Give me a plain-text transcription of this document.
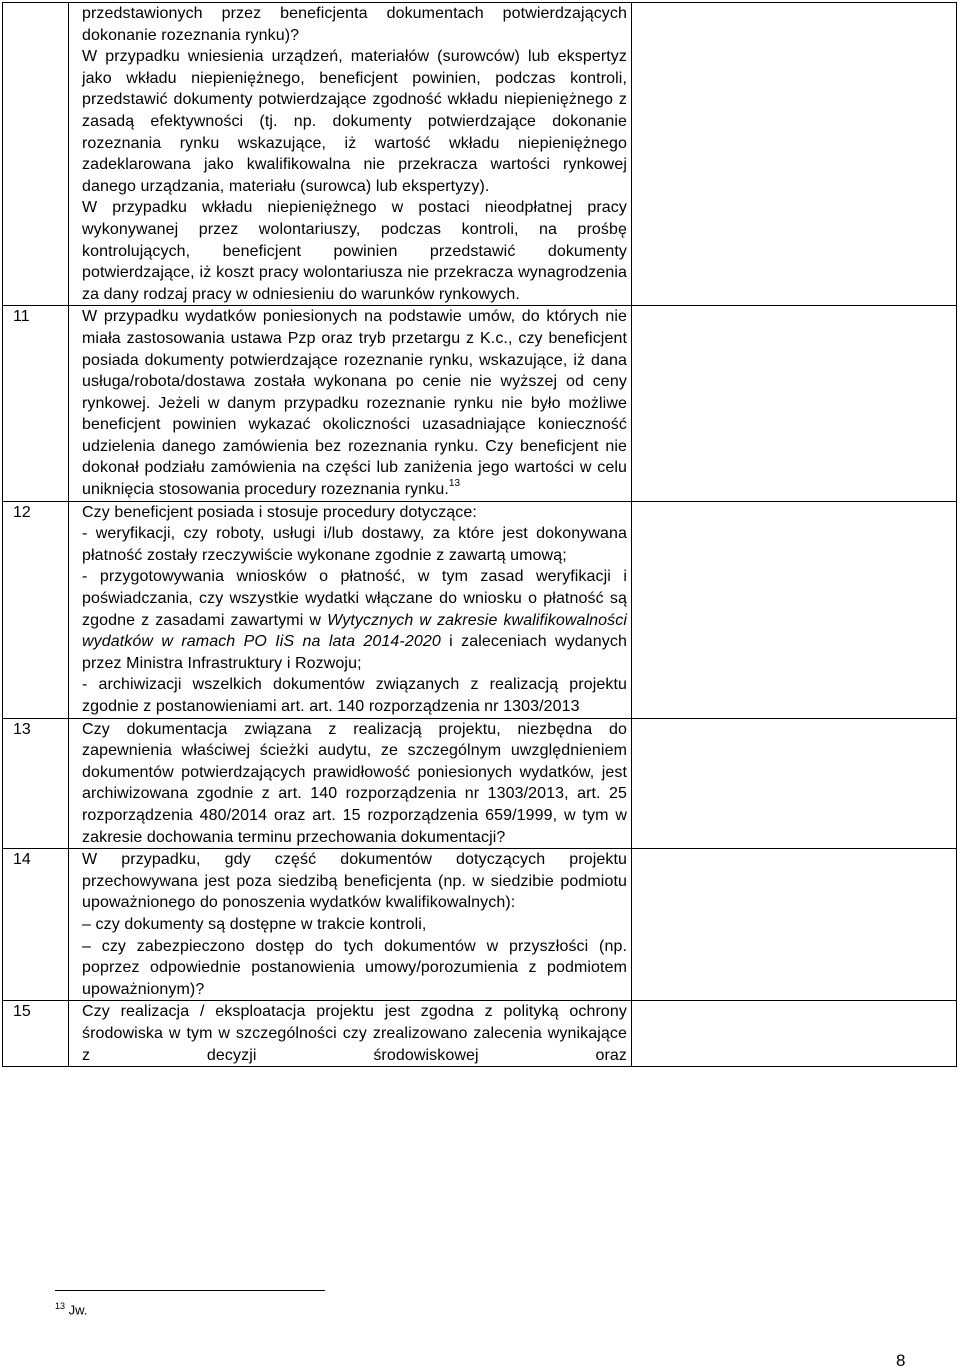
	przedstawionych przez beneficjenta dokumentach potwierdzających dokonanie rozeznania rynku)?

W przypadku wniesienia urządzeń, materiałów (surowców) lub ekspertyz jako wkładu niepieniężnego, beneficjent powinien, podczas kontroli, przedstawić dokumenty potwierdzające zgodność wkładu niepieniężnego z zasadą efektywności (tj. np. dokumenty potwierdzające dokonanie rozeznania rynku wskazujące, iż wartość wkładu niepieniężnego zadeklarowana jako kwalifikowalna nie przekracza wartości rynkowej danego urządzania, materiału (surowca) lub ekspertyzy).

W przypadku wkładu niepieniężnego w postaci nieodpłatnej pracy wykonywanej przez wolontariuszy, podczas kontroli, na prośbę kontrolujących, beneficjent powinien przedstawić dokumenty potwierdzające, iż koszt pracy wolontariusza nie przekracza wynagrodzenia za dany rodzaj pracy w odniesieniu do warunków rynkowych.	

11	W przypadku wydatków poniesionych na podstawie umów, do których nie miała zastosowania ustawa Pzp oraz tryb przetargu z K.c., czy beneficjent posiada dokumenty potwierdzające rozeznanie rynku, wskazujące, iż dana usługa/robota/dostawa została wykonana po cenie nie wyższej od ceny rynkowej. Jeżeli w danym przypadku rozeznanie rynku nie było możliwe beneficjent powinien wykazać okoliczności uzasadniające konieczność udzielenia danego zamówienia bez rozeznania rynku. Czy beneficjent nie dokonał podziału zamówienia na części lub zaniżenia jego wartości w celu uniknięcia stosowania procedury rozeznania rynku.$^{13}$

12	Czy beneficjent posiada i stosuje procedury dotyczące:

- weryfikacji, czy roboty, usługi i/lub dostawy, za które jest dokonywana płatność zostały rzeczywiście wykonane zgodnie z zawartą umową;

- przygotowywania wniosków o płatność, w tym zasad weryfikacji i poświadczania, czy wszystkie wydatki włączane do wniosku o płatność są zgodne z zasadami zawartymi w Wytycznych w zakresie kwalifikowalności wydatków w ramach PO IiS na lata 2014-2020 i zaleceniach wydanych przez Ministra Infrastruktury i Rozwoju;

- archiwizacji wszelkich dokumentów związanych z realizacją projektu zgodnie z postanowieniami art. art. 140 rozporządzenia nr 1303/2013	

13	Czy dokumentacja związana z realizacją projektu, niezbędna do zapewnienia właściwej ścieżki audytu, ze szczególnym uwzględnieniem dokumentów potwierdzających prawidłowość poniesionych wydatków, jest archiwizowana zgodnie z art. 140 rozporządzenia nr 1303/2013, art. 25 rozporządzenia 480/2014 oraz art. 15 rozporządzenia 659/1999, w tym w zakresie dochowania terminu przechowania dokumentacji?	

14	W przypadku, gdy część dokumentów dotyczących projektu przechowywana jest poza siedzibą beneficjenta (np. w siedzibie podmiotu upoważnionego do ponoszenia wydatków kwalifikowalnych):

– czy dokumenty są dostępne w trakcie kontroli,

– czy zabezpieczono dostęp do tych dokumentów w przyszłości (np. poprzez odpowiednie postanowienia umowy/porozumienia z podmiotem upoważnionym)?	

15	Czy realizacja / eksploatacja projektu jest zgodna z polityką ochrony środowiska w tym w szczególności czy zrealizowano zalecenia wynikające z decyzji środowiskowej oraz	

$^{13}$ Jw.
8
